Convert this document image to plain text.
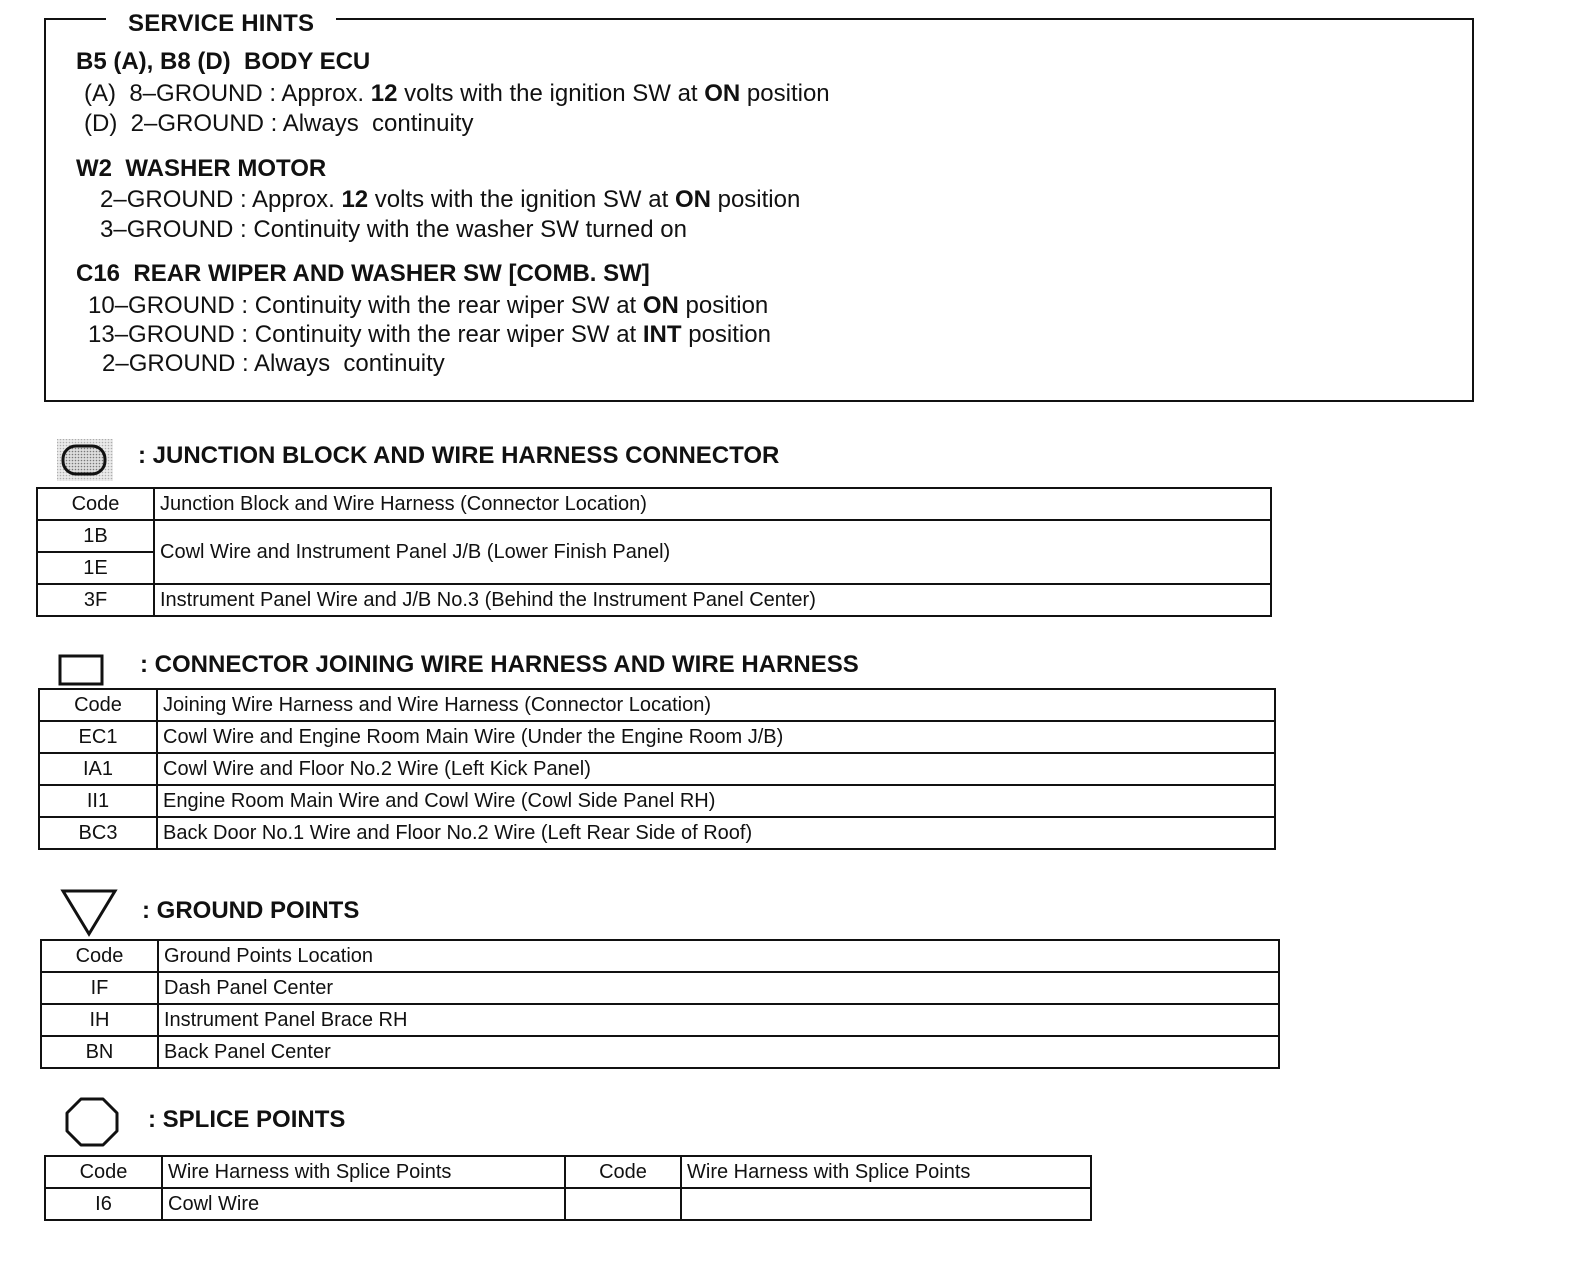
SERVICE HINTS
B5 (A), B8 (D)  BODY ECU
(A)  8–GROUND : Approx. 12 volts with the ignition SW at ON position
(D)  2–GROUND : Always  continuity
W2  WASHER MOTOR
2–GROUND : Approx. 12 volts with the ignition SW at ON position
3–GROUND : Continuity with the washer SW turned on
C16  REAR WIPER AND WASHER SW [COMB. SW]
10–GROUND : Continuity with the rear wiper SW at ON position
13–GROUND : Continuity with the rear wiper SW at INT position
2–GROUND : Always  continuity
: JUNCTION BLOCK AND WIRE HARNESS CONNECTOR
Code	Junction Block and Wire Harness (Connector Location)
1B	Cowl Wire and Instrument Panel J/B (Lower Finish Panel)
1E	
3F	Instrument Panel Wire and J/B No.3 (Behind the Instrument Panel Center)
: CONNECTOR JOINING WIRE HARNESS AND WIRE HARNESS
Code	Joining Wire Harness and Wire Harness (Connector Location)
EC1	Cowl Wire and Engine Room Main Wire (Under the Engine Room J/B)
IA1	Cowl Wire and Floor No.2 Wire (Left Kick Panel)
II1	Engine Room Main Wire and Cowl Wire (Cowl Side Panel RH)
BC3	Back Door No.1 Wire and Floor No.2 Wire (Left Rear Side of Roof)
: GROUND POINTS
Code	Ground Points Location
IF	Dash Panel Center
IH	Instrument Panel Brace RH
BN	Back Panel Center
: SPLICE POINTS
Code	Wire Harness with Splice Points	Code	Wire Harness with Splice Points
I6	Cowl Wire		
